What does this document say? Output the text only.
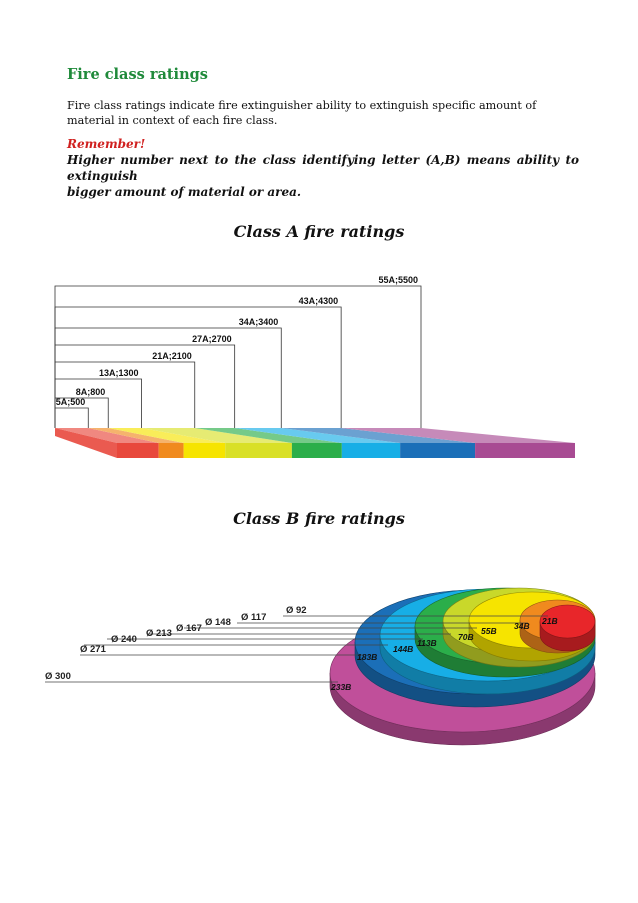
Fire class ratings
Fire class ratings indicate fire extinguisher ability to extinguish specific amount of material in context of each fire class.
Remember!
Higher number next to the class identifying letter (A,B) means ability to extinguish
bigger amount of material or area.
Class A fire ratings
Class B fire ratings
5A;500
8A;800
13A;1300
21A;2100
27A;2700
34A;3400
43A;4300
55A;5500
Ø 92
Ø 117
Ø 148
Ø 167
Ø 213
Ø 240
Ø 271
Ø 300
21B
34B
55B
70B
113B
144B
183B
233B
